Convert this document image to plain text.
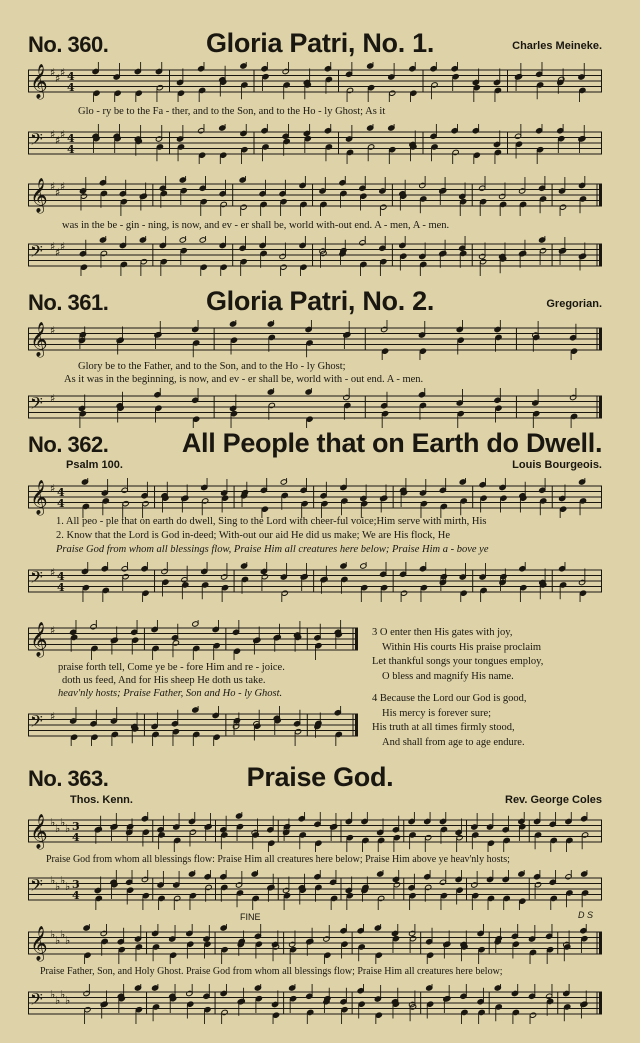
No. 360.	Gloria Patri, No. 1.	Charles Meineke.
𝄞 ♯ ♯ ♯ 4
4
Glo - ry be to the Fa - ther, and to the Son, and to the Ho - ly Ghost; As it
𝄢 ♯ ♯ ♯ 4
4
𝄞 ♯ ♯ ♯
was in the be - gin - ning, is now, and ev - er shall be, world with-out end. A - men, A - men.
𝄢 ♯ ♯ ♯
No. 361.	Gloria Patri, No. 2.	Gregorian.
𝄞 ♯
Glory be to the Father, and to the Son, and to the Ho - ly Ghost;
As it was in the beginning, is now, and ev - er shall be, world with - out end. A - men.
𝄢 ♯
No. 362.	All People that on Earth do Dwell.
Psalm 100.	Louis Bourgeois.
𝄞 ♯ 4
4
1. All peo - ple that on earth do dwell, Sing to the Lord with cheer-ful voice;Him serve with mirth, His
2. Know that the Lord is God in-deed; With-out our aid He did us make; We are His flock, He
Praise God from whom all blessings flow, Praise Him all creatures here below; Praise Him a - bove ye
𝄢 ♯ 4
4
𝄞 ♯
praise forth tell, Come ye be - fore Him and re - joice.
doth us feed, And for His sheep He doth us take.
heav'nly hosts; Praise Father, Son and Ho - ly Ghost.
𝄢 ♯
3 O enter then His gates with joy,
Within His courts His praise proclaim
Let thankful songs your tongues employ,
O bless and magnify His name.
4 Because the Lord our God is good,
His mercy is forever sure;
His truth at all times firmly stood,
And shall from age to age endure.
No. 363.	Praise God.
Thos. Kenn.	Rev. George Coles
𝄞 ♭ ♭ ♭ ♭ 3
4
Praise God from whom all blessings flow: Praise Him all creatures here below; Praise Him above ye heav'nly hosts;
𝄢 ♭ ♭ ♭ ♭ 3
4
FINE	D S
𝄞 ♭ ♭ ♭ ♭
Praise Father, Son, and Holy Ghost. Praise God from whom all blessings flow; Praise Him all creatures here below;
𝄢 ♭ ♭ ♭ ♭
